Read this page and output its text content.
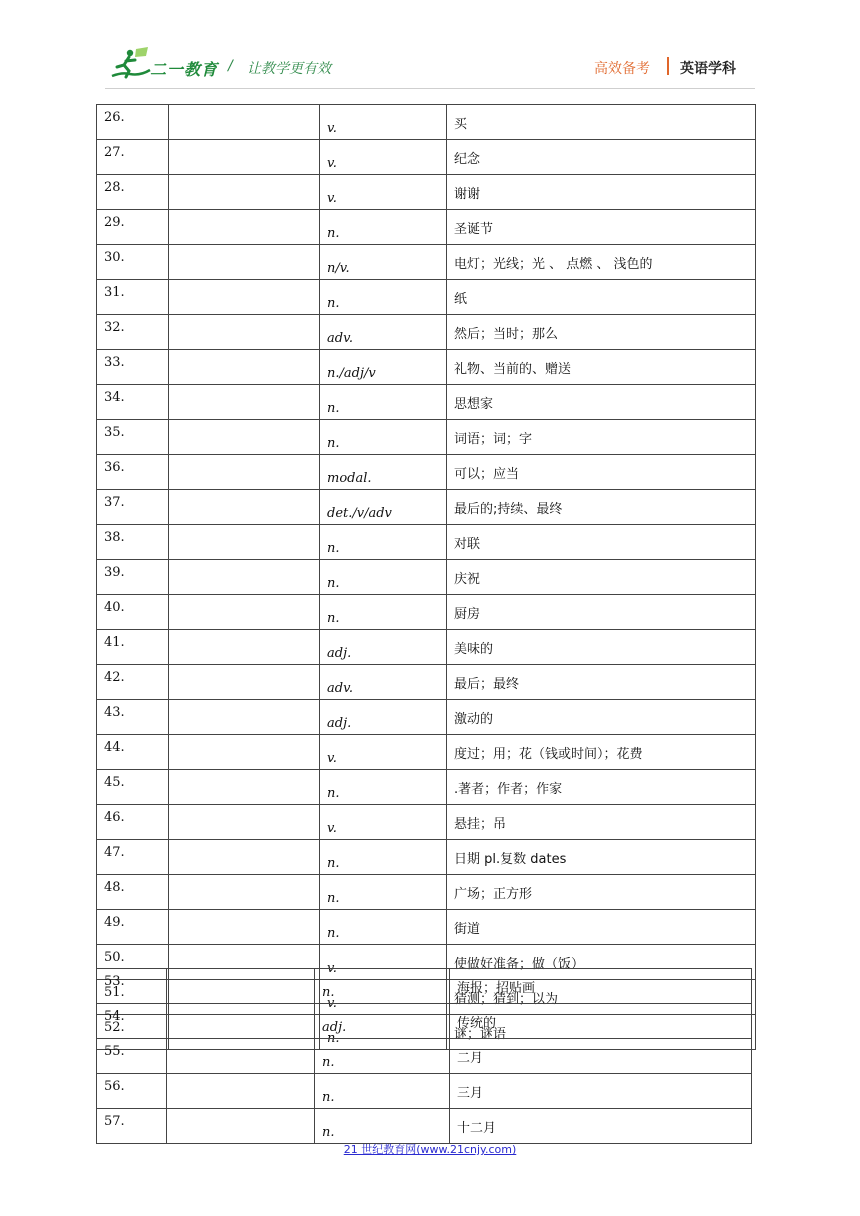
二一教育 / 让教学更有效	高效备考 英语学科
26.		v.	买
27.		v.	纪念
28.		v.	谢谢
29.		n.	圣诞节
30.		n/v.	电灯；光线；光 、 点燃 、 浅色的
31.		n.	纸
32.		adv.	然后；当时；那么
33.		n./adj/v	礼物、当前的、赠送
34.		n.	思想家
35.		n.	词语；词；字
36.		modal.	可以；应当
37.		det./v/adv	最后的;持续、最终
38.		n.	对联
39.		n.	庆祝
40.		n.	厨房
41.		adj.	美味的
42.		adv.	最后；最终
43.		adj.	激动的
44.		v.	度过；用；花（钱或时间）；花费
45.		n.	.著者；作者；作家
46.		v.	悬挂；吊
47.		n.	日期 pl.复数 dates
48.		n.	广场；正方形
49.		n.	街道
50.		v.	使做好准备；做（饭）
51.		v.	猜测；猜到；以为
52.		n.	谜；谜语
53.		n.	海报；招贴画
54.		adj.	传统的
55.		n.	二月
56.		n.	三月
57.		n.	十二月
21 世纪教育网(www.21cnjy.com)
